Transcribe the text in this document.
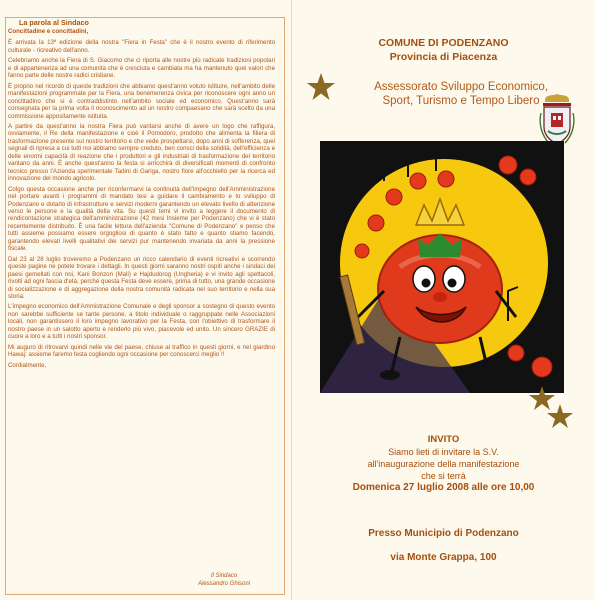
La parola al Sindaco
Concittadine e concittadini,

È arrivata la 13ª edizione della nostra "Fiera in Festa" che è il nostro evento di riferimento culturale - ricreativo dell'anno.

Celebriamo anche la Fiera di S. Giacomo che ci riporta alle nostre più radicate tradizioni popolari e di appartenenza ad una comunità che è cresciuta e cambiata ma ha mantenuto quei valori che fanno parte delle nostre radici cristiane.

È proprio nel ricordo di queste tradizioni che abbiamo quest'anno voluto istituire, nell'ambito delle manifestazioni programmate per la Fiera, una benemerenza civica per riconoscere ogni anno un concittadino che si è contraddistinto nell'ambito sociale ed economico. Quest'anno sarà consegnata per la prima volta il riconoscimento ad un nostro compaesano che sarà scelto da una commissione appositamente istituita.

A partire da quest'anno la nostra Fiera può vantarsi anche di avere un logo che raffigura, ovviamente, il Re della manifestazione e cioè il Pomodoro, prodotto che alimenta la filiera di trasformazione presente sul nostro territorio e che vede prospettarsi, dopo anni di sofferenza, quei segnali di ripresa a cui tutti noi abbiamo sempre creduto, ben consci della solidità, dell'efficienza e delle enormi capacità di reazione che i produttori e gli industriali di trasformazione del territorio vantano da anni. È anche quest'anno la festa si arricchirà di diversificati momenti di confronto tecnico presso l'Azienda sperimentale Tadini di Gariga, nostro fiore all'occhiello per la ricerca ed innovazione del mondo agricolo.

Colgo questa occasione anche per riconfermarvi la continuità dell'impegno dell'Amministrazione nel portare avanti i programmi di mandato tesi a guidare il cambiamento e lo sviluppo di Podenzano e dotarlo di infrastrutture e servizi moderni garantendo un elevato livello di attenzione verso le persone e la qualità della vita. Su questi temi vi invito a leggere il documento di rendicontazione strategica dell'amministrazione (42 mesi Insieme per Podenzano) che vi è stato recentemente distribuito. È una facile lettura dell'azienda "Comune di Podenzano" e penso che tutti assieme possiamo essere orgogliosi di quanto è stato fatto e quanto stiamo facendo, garantendo elevati livelli qualitativi dei servizi pur mantenendo invariata da anni la pressione fiscale.

Dal 23 al 28 luglio troveremo a Podenzano un ricco calendario di eventi ricreativi e scorrendo queste pagine ne potete trovare i dettagli. In questi giorni saranno nostri ospiti anche i sindaci dei paesi gemellati con noi, Kani Bonzon (Mali) e Hajdudorog (Ungheria) e vi invito agli spettacoli, rivolti ad ogni fascia d'età, perché questa Festa deve essere, prima di tutto, una grande occasione di socializzazione e di aggregazione della nostra comunità radicata nel suo territorio e nella sua storia.

L'impegno economico dell'Ammistrazione Comunale e degli sponsor a sostegno di questo evento non sarebbe sufficiente se tante persone, a titolo individuale o raggruppate nelle Associazioni locali, non garantissero il loro impegno lavorativo per la Festa, con l'obiettivo di trasformare il nostro paese in un salotto aperto e renderlo più vivo, piacevole ed unito. Un sincero GRAZIE di cuore a loro e a tutti i nostri sponsor.

Mi auguro di ritrovarvi quindi nelle vie del paese, chiuse al traffico in questi giorni, e nel giardino Hawaj: assieme faremo festa cogliendo ogni occasione per conoscerci meglio !!

Cordialmente,
Il Sindaco
Alessandro Ghisoni
COMUNE DI PODENZANO
Provincia di Piacenza
Assessorato Sviluppo Economico,
Sport, Turismo e Tempo Libero
INVITO
Siamo lieti di invitare la S.V.
all'inaugurazione della manifestazione
che si terrà
Domenica 27 luglio 2008 alle ore 10,00
Presso Municipio di Podenzano
via Monte Grappa, 100
